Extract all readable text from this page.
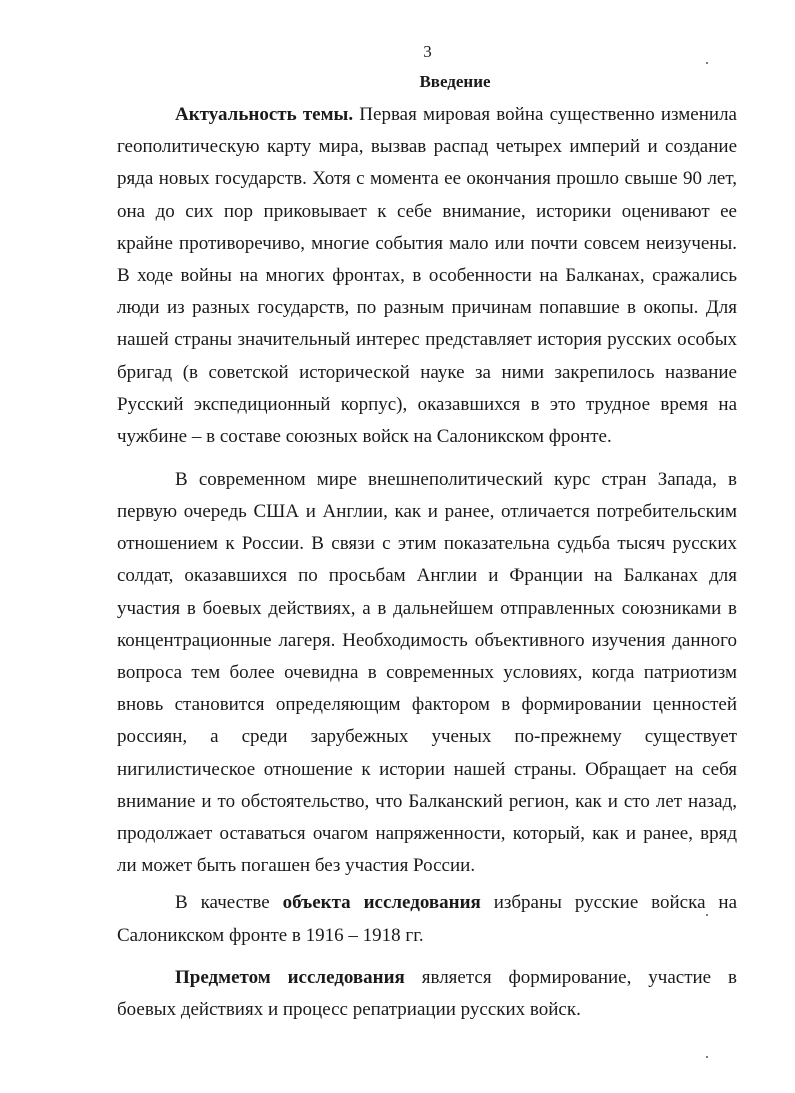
3
Введение

Актуальность темы. Первая мировая война существенно изменила геополитическую карту мира, вызвав распад четырех империй и создание ряда новых государств. Хотя с момента ее окончания прошло свыше 90 лет, она до сих пор приковывает к себе внимание, историки оценивают ее крайне противоречиво, многие события мало или почти совсем неизучены. В ходе войны на многих фронтах, в особенности на Балканах, сражались люди из разных государств, по разным причинам попавшие в окопы. Для нашей страны значительный интерес представляет история русских особых бригад (в советской исторической науке за ними закрепилось название Русский экспедиционный корпус), оказавшихся в это трудное время на чужбине – в составе союзных войск на Салоникском фронте.

В современном мире внешнеполитический курс стран Запада, в первую очередь США и Англии, как и ранее, отличается потребительским отношением к России. В связи с этим показательна судьба тысяч русских солдат, оказавшихся по просьбам Англии и Франции на Балканах для участия в боевых действиях, а в дальнейшем отправленных союзниками в концентрационные лагеря. Необходимость объективного изучения данного вопроса тем более очевидна в современных условиях, когда патриотизм вновь становится определяющим фактором в формировании ценностей россиян, а среди зарубежных ученых по-прежнему существует нигилистическое отношение к истории нашей страны. Обращает на себя внимание и то обстоятельство, что Балканский регион, как и сто лет назад, продолжает оставаться очагом напряженности, который, как и ранее, вряд ли может быть погашен без участия России.

В качестве объекта исследования избраны русские войска на Салоникском фронте в 1916 – 1918 гг.

Предметом исследования является формирование, участие в боевых действиях и процесс репатриации русских войск.
